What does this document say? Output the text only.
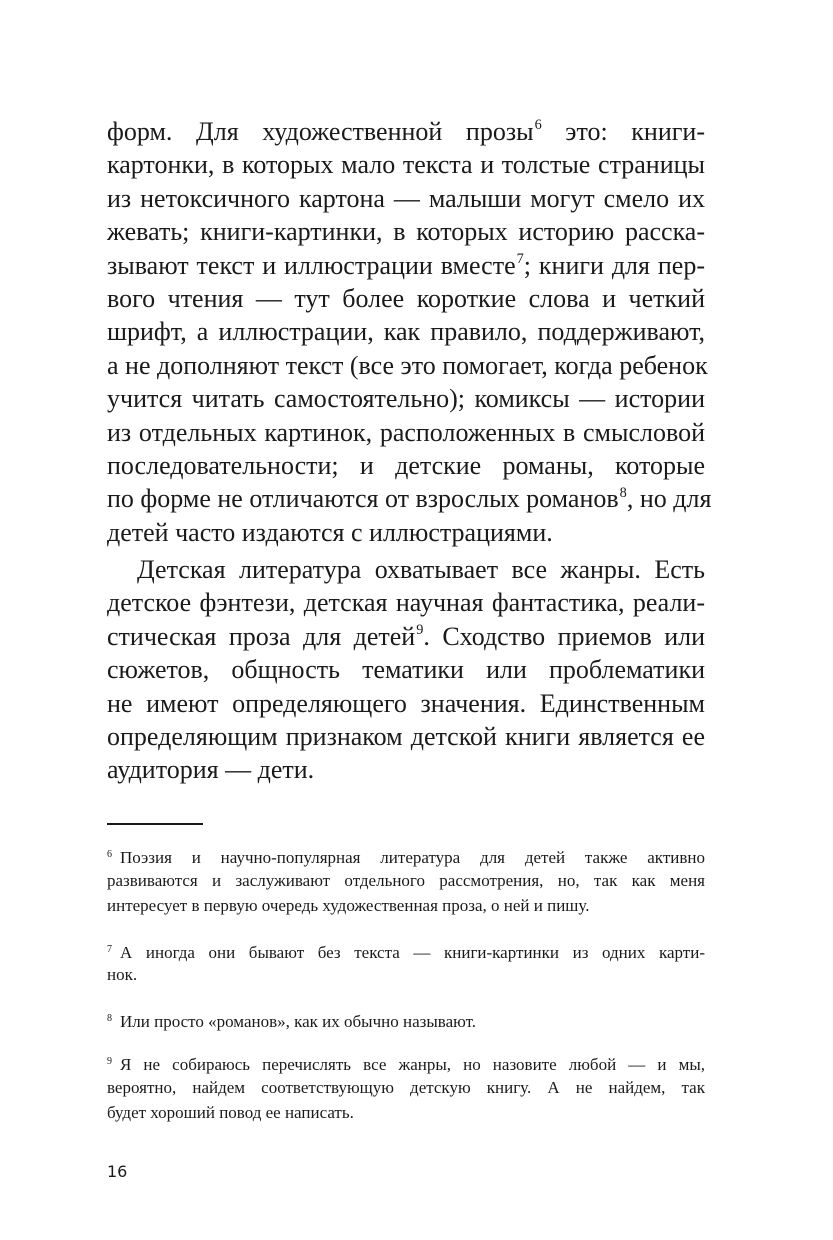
форм. Для художественной прозы$^6$ это: книги-
картонки, в которых мало текста и толстые страницы
из нетоксичного картона — малыши могут смело их
жевать; книги-картинки, в которых историю расска-
зывают текст и иллюстрации вместе$^7$; книги для пер-
вого чтения — тут более короткие слова и четкий
шрифт, а иллюстрации, как правило, поддерживают,
а не дополняют текст (все это помогает, когда ребенок
учится читать самостоятельно); комиксы — истории
из отдельных картинок, расположенных в смысловой
последовательности; и детские романы, которые
по форме не отличаются от взрослых романов$^8$, но для
детей часто издаются с иллюстрациями.
Детская литература охватывает все жанры. Есть
детское фэнтези, детская научная фантастика, реали-
стическая проза для детей$^9$. Сходство приемов или
сюжетов, общность тематики или проблематики
не имеют определяющего значения. Единственным
определяющим признаком детской книги является ее
аудитория — дети.
$^6$ Поэзия и научно-популярная литература для детей также активно
развиваются и заслуживают отдельного рассмотрения, но, так как меня
интересует в первую очередь художественная проза, о ней и пишу.
$^7$ А иногда они бывают без текста — книги-картинки из одних карти-
нок.
$^8$ Или просто «романов», как их обычно называют.
$^9$ Я не собираюсь перечислять все жанры, но назовите любой — и мы,
вероятно, найдем соответствующую детскую книгу. А не найдем, так
будет хороший повод ее написать.
16
